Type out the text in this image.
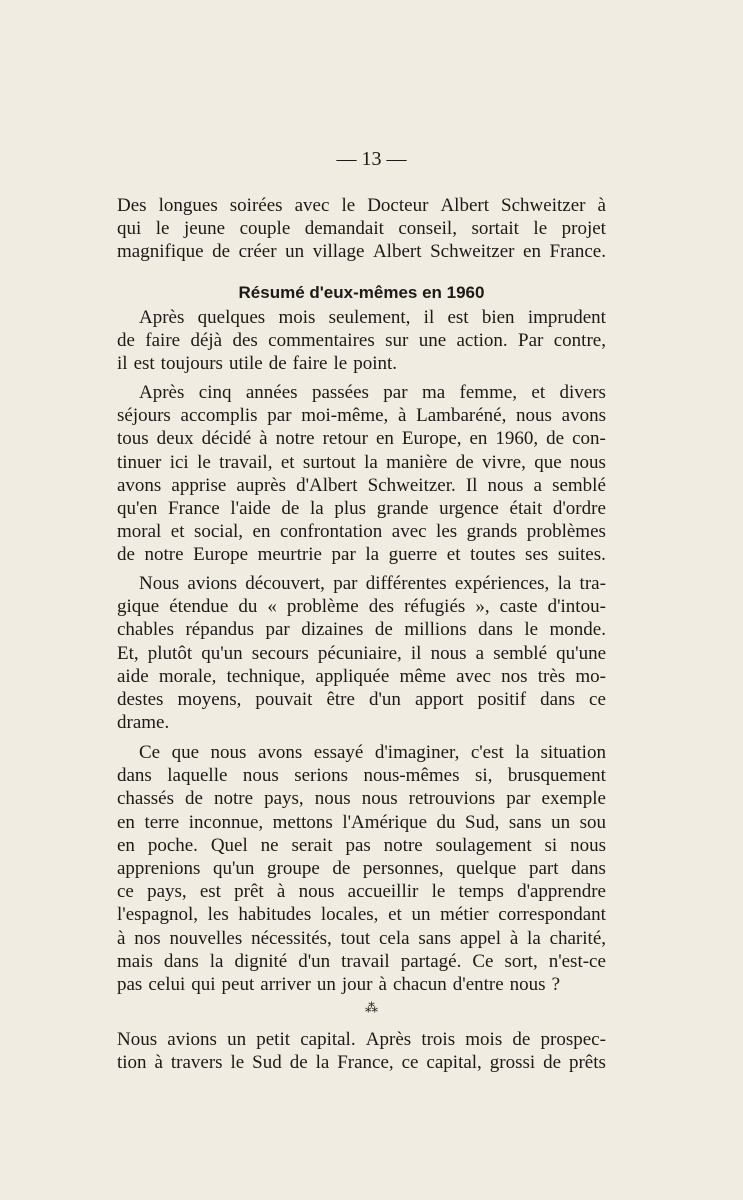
— 13 —
Des longues soirées avec le Docteur Albert Schweitzer à
qui le jeune couple demandait conseil, sortait le projet
magnifique de créer un village Albert Schweitzer en France.
Résumé d'eux-mêmes en 1960
Après quelques mois seulement, il est bien imprudent
de faire déjà des commentaires sur une action. Par contre,
il est toujours utile de faire le point.
Après cinq années passées par ma femme, et divers
séjours accomplis par moi-même, à Lambaréné, nous avons
tous deux décidé à notre retour en Europe, en 1960, de con-
tinuer ici le travail, et surtout la manière de vivre, que nous
avons apprise auprès d'Albert Schweitzer. Il nous a semblé
qu'en France l'aide de la plus grande urgence était d'ordre
moral et social, en confrontation avec les grands problèmes
de notre Europe meurtrie par la guerre et toutes ses suites.
Nous avions découvert, par différentes expériences, la tra-
gique étendue du « problème des réfugiés », caste d'intou-
chables répandus par dizaines de millions dans le monde.
Et, plutôt qu'un secours pécuniaire, il nous a semblé qu'une
aide morale, technique, appliquée même avec nos très mo-
destes moyens, pouvait être d'un apport positif dans ce
drame.
Ce que nous avons essayé d'imaginer, c'est la situation
dans laquelle nous serions nous-mêmes si, brusquement
chassés de notre pays, nous nous retrouvions par exemple
en terre inconnue, mettons l'Amérique du Sud, sans un sou
en poche. Quel ne serait pas notre soulagement si nous
apprenions qu'un groupe de personnes, quelque part dans
ce pays, est prêt à nous accueillir le temps d'apprendre
l'espagnol, les habitudes locales, et un métier correspondant
à nos nouvelles nécessités, tout cela sans appel à la charité,
mais dans la dignité d'un travail partagé. Ce sort, n'est-ce
pas celui qui peut arriver un jour à chacun d'entre nous ?
⁂
Nous avions un petit capital. Après trois mois de prospec-
tion à travers le Sud de la France, ce capital, grossi de prêts
